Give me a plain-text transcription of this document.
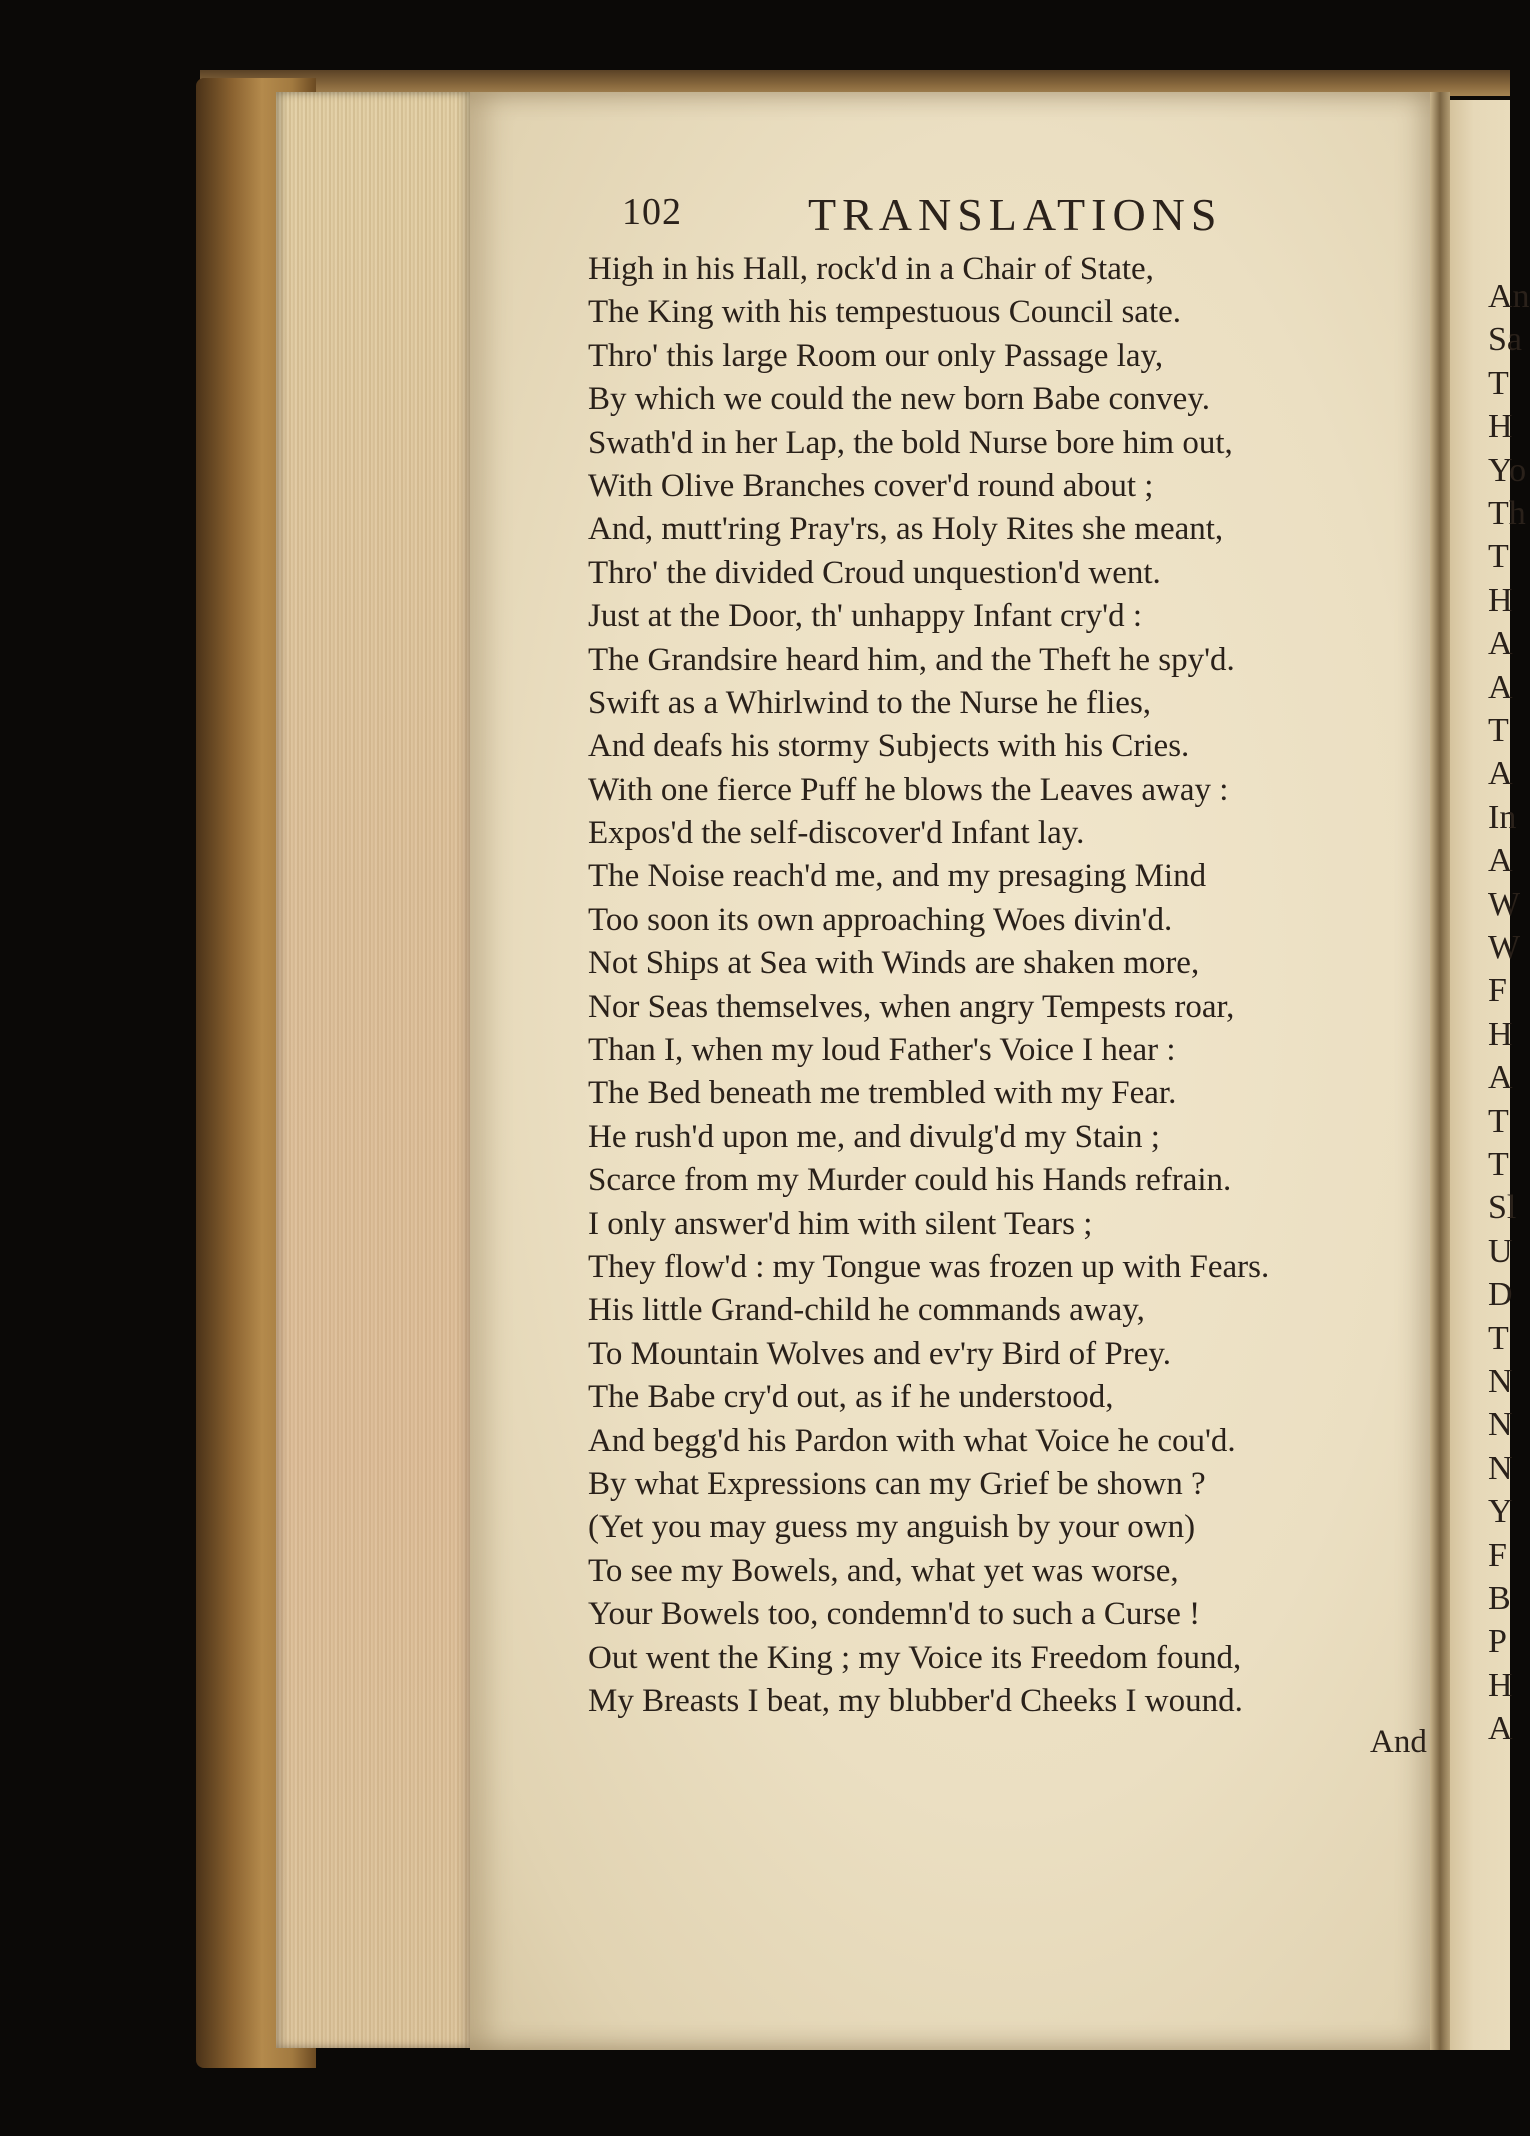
102	TRANSLATIONS
High in his Hall, rock'd in a Chair of State,
The King with his tempestuous Council sate.
Thro' this large Room our only Passage lay,
By which we could the new born Babe convey.
Swath'd in her Lap, the bold Nurse bore him out,
With Olive Branches cover'd round about ;
And, mutt'ring Pray'rs, as Holy Rites she meant,
Thro' the divided Croud unquestion'd went.
Just at the Door, th' unhappy Infant cry'd :
The Grandsire heard him, and the Theft he spy'd.
Swift as a Whirlwind to the Nurse he flies,
And deafs his stormy Subjects with his Cries.
With one fierce Puff he blows the Leaves away :
Expos'd the self-discover'd Infant lay.
The Noise reach'd me, and my presaging Mind
Too soon its own approaching Woes divin'd.
Not Ships at Sea with Winds are shaken more,
Nor Seas themselves, when angry Tempests roar,
Than I, when my loud Father's Voice I hear :
The Bed beneath me trembled with my Fear.
He rush'd upon me, and divulg'd my Stain ;
Scarce from my Murder could his Hands refrain.
I only answer'd him with silent Tears ;
They flow'd : my Tongue was frozen up with Fears.
His little Grand-child he commands away,
To Mountain Wolves and ev'ry Bird of Prey.
The Babe cry'd out, as if he understood,
And begg'd his Pardon with what Voice he cou'd.
By what Expressions can my Grief be shown ?
(Yet you may guess my anguish by your own)
To see my Bowels, and, what yet was worse,
Your Bowels too, condemn'd to such a Curse !
Out went the King ; my Voice its Freedom found,
My Breasts I beat, my blubber'd Cheeks I wound.
And
An
Sa
T
H
Yo
Th
T
H
A
A
T
A
In
A
W
W
F
H
A
T
T
Sl
U
D
T
N
N
N
Y
F
B
P
H
A
